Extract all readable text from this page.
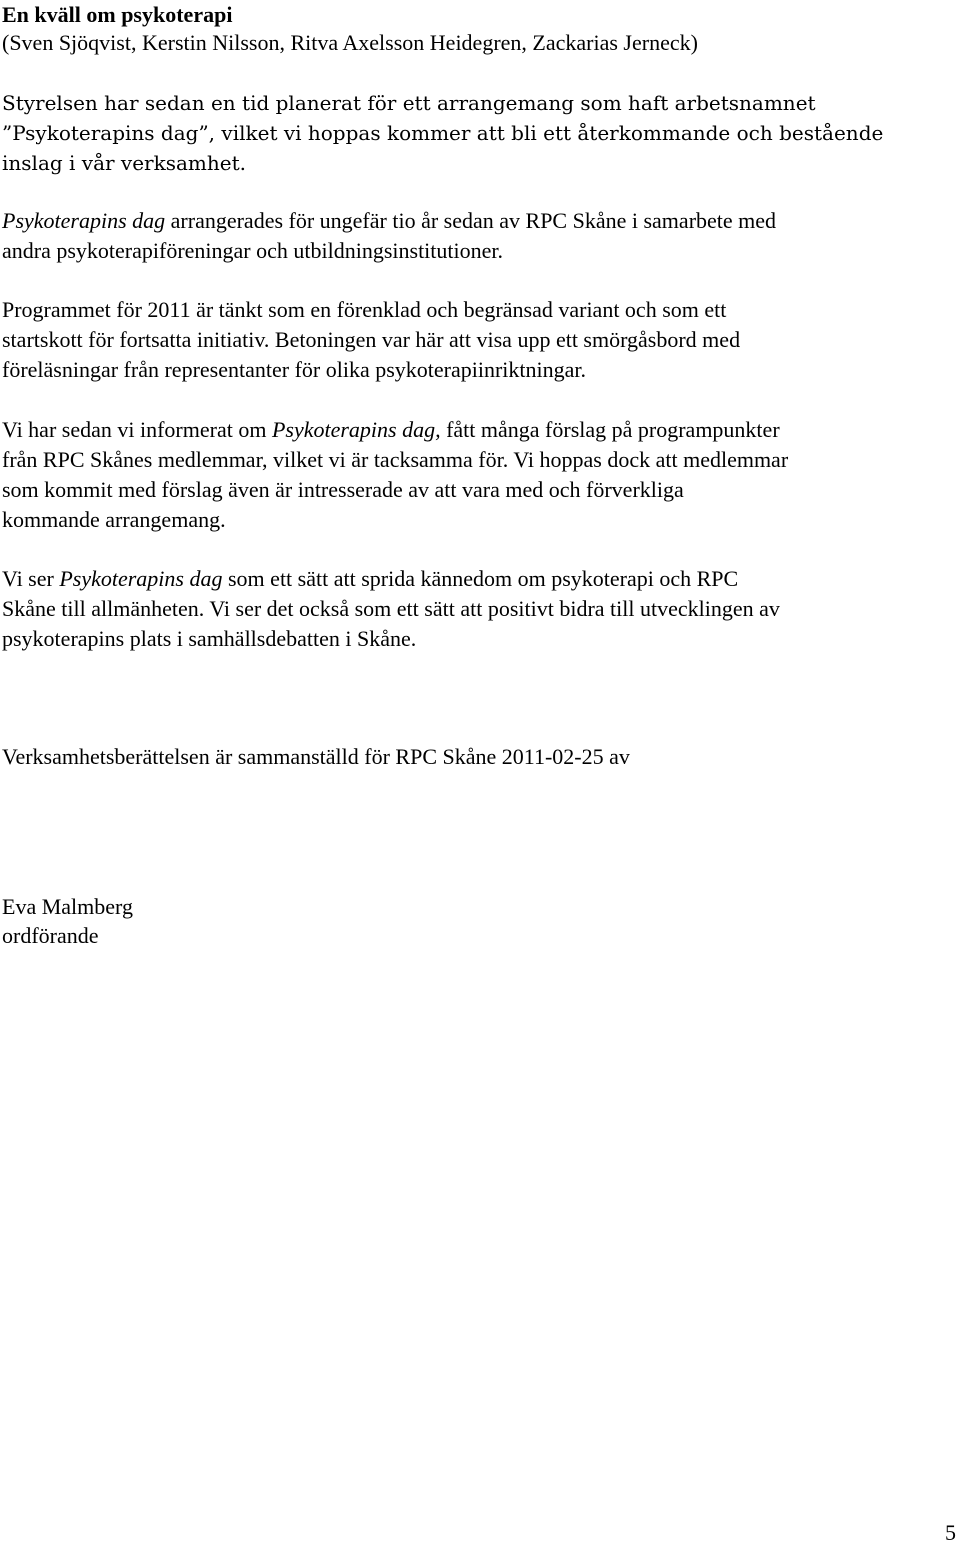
En kväll om psykoterapi
(Sven Sjöqvist, Kerstin Nilsson, Ritva Axelsson Heidegren, Zackarias Jerneck)
Styrelsen har sedan en tid planerat för ett arrangemang som haft arbetsnamnet
”Psykoterapins dag”, vilket vi hoppas kommer att bli ett återkommande och bestående
inslag i vår verksamhet.
Psykoterapins dag arrangerades för ungefär tio år sedan av RPC Skåne i samarbete med
andra psykoterapiföreningar och utbildningsinstitutioner.
Programmet för 2011 är tänkt som en förenklad och begränsad variant och som ett
startskott för fortsatta initiativ. Betoningen var här att visa upp ett smörgåsbord med
föreläsningar från representanter för olika psykoterapiinriktningar.
Vi har sedan vi informerat om Psykoterapins dag, fått många förslag på programpunkter
från RPC Skånes medlemmar, vilket vi är tacksamma för. Vi hoppas dock att medlemmar
som kommit med förslag även är intresserade av att vara med och förverkliga
kommande arrangemang.
Vi ser Psykoterapins dag som ett sätt att sprida kännedom om psykoterapi och RPC
Skåne till allmänheten. Vi ser det också som ett sätt att positivt bidra till utvecklingen av
psykoterapins plats i samhällsdebatten i Skåne.
Verksamhetsberättelsen är sammanställd för RPC Skåne 2011-02-25 av
Eva Malmberg
ordförande
5
